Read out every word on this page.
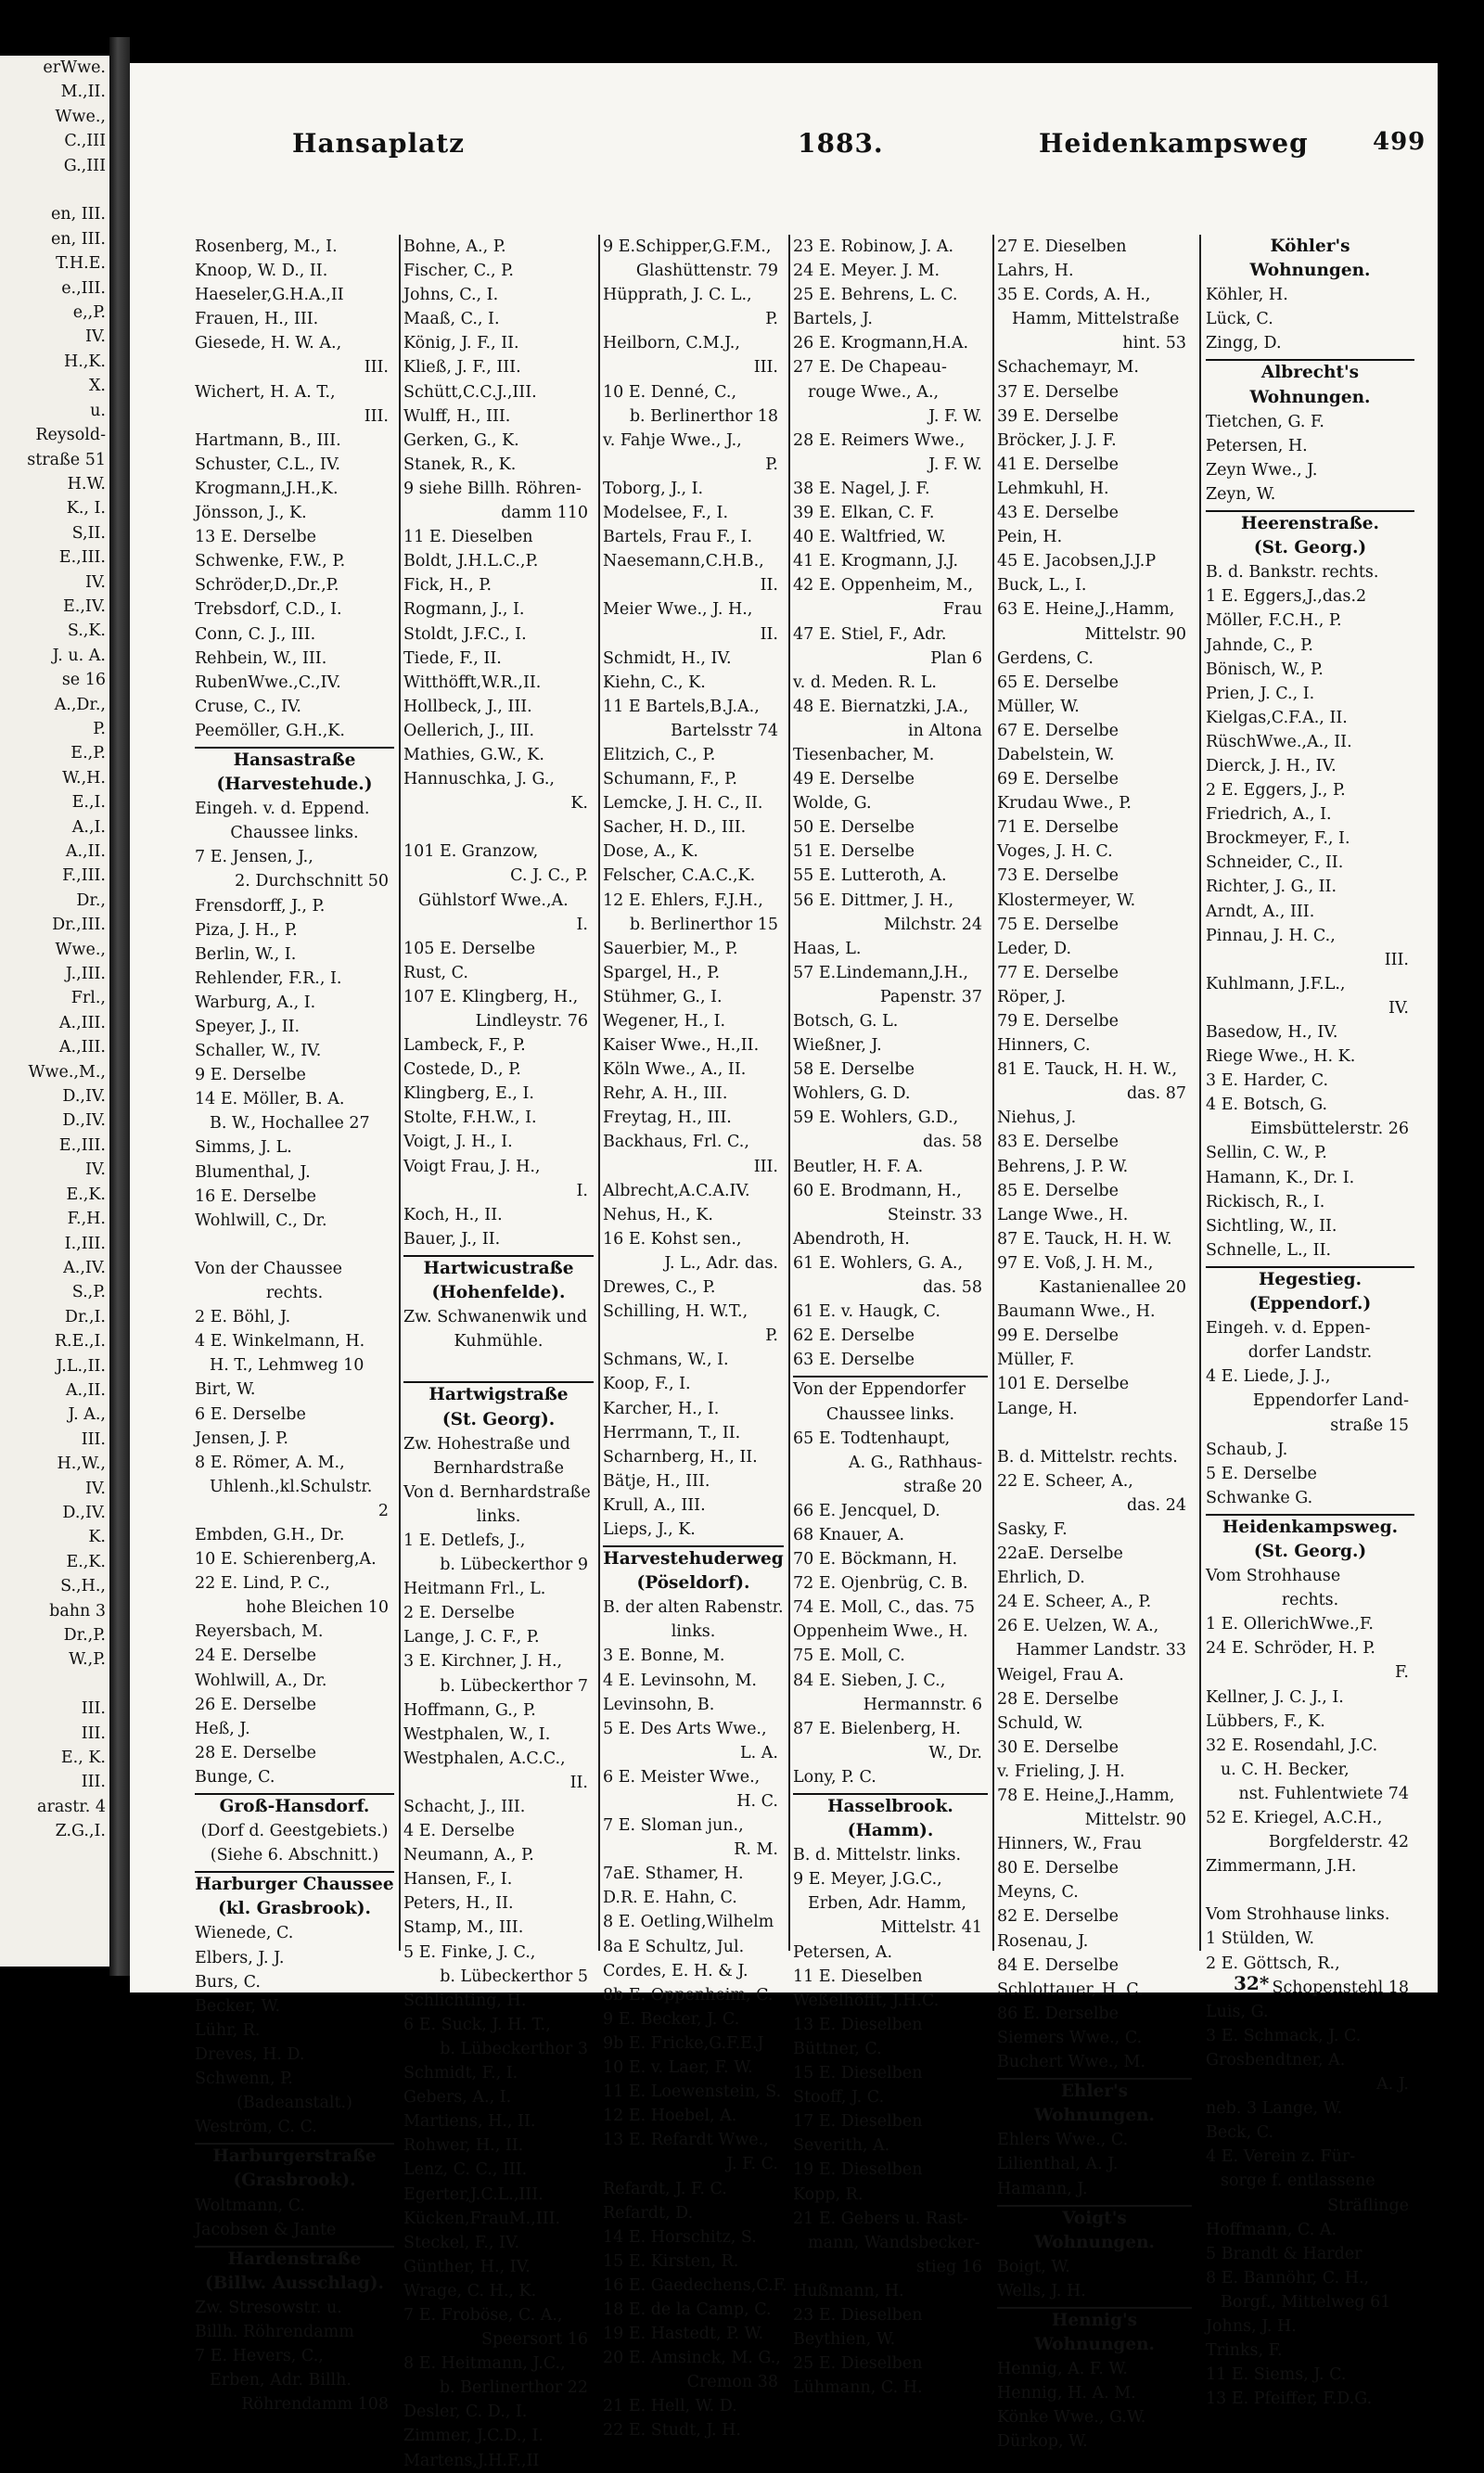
erWwe.
M.,II.
Wwe.,
C.,III
G.,III

en, III.
en, III.
T.H.E.
e.,III.
e,,P.
IV.
H.,K.
X.
u.
Reysold-
straße 51
H.W.
K., I.
S,II.
E.,III.
IV.
E.,IV.
S.,K.
J. u. A.
se 16
A.,Dr.,
P.
E.,P.
W.,H.
E.,I.
A.,I.
A.,II.
F.,III.
Dr.,
Dr.,III.
Wwe.,
J.,III.
Frl.,
A.,III.
A.,III.
Wwe.,M.,
D.,IV.
D.,IV.
E.,III.
IV.
E.,K.
F.,H.
I.,III.
A.,IV.
S.,P.
Dr.,I.
R.E.,I.
J.L.,II.
A.,II.
J. A.,
III.
H.,W.,
IV.
D.,IV.
K.
E.,K.
S.,H.,
bahn 3
Dr.,P.
W.,P.

III.
III.
E., K.
III.
arastr. 4
Z.G.,I.
Hansaplatz	1883.	Heidenkampsweg	499
Rosenberg, M., I.
Knoop, W. D., II.
Haeseler,G.H.A.,II
Frauen, H., III.
Giesede, H. W. A.,
III.
Wichert, H. A. T.,
III.
Hartmann, B., III.
Schuster, C.L., IV.
Krogmann,J.H.,K.
Jönsson, J., K.
13 E. Derselbe
Schwenke, F.W., P.
Schröder,D.,Dr.,P.
Trebsdorf, C.D., I.
Conn, C. J., III.
Rehbein, W., III.
RubenWwe.,C.,IV.
Cruse, C., IV.
Peemöller, G.H.,K.
Hansastraße
(Harvestehude.)
Eingeh. v. d. Eppend.
Chaussee links.
7 E. Jensen, J.,
2. Durchschnitt 50
Frensdorff, J., P.
Piza, J. H., P.
Berlin, W., I.
Rehlender, F.R., I.
Warburg, A., I.
Speyer, J., II.
Schaller, W., IV.
9 E. Derselbe
14 E. Möller, B. A.
B. W., Hochallee 27
Simms, J. L.
Blumenthal, J.
16 E. Derselbe
Wohlwill, C., Dr.

Von der Chaussee
rechts.
2 E. Böhl, J.
4 E. Winkelmann, H.
H. T., Lehmweg 10
Birt, W.
6 E. Derselbe
Jensen, J. P.
8 E. Römer, A. M.,
Uhlenh.,kl.Schulstr.
2
Embden, G.H., Dr.
10 E. Schierenberg,A.
22 E. Lind, P. C.,
hohe Bleichen 10
Reyersbach, M.
24 E. Derselbe
Wohlwill, A., Dr.
26 E. Derselbe
Heß, J.
28 E. Derselbe
Bunge, C.
Groß-Hansdorf.
(Dorf d. Geestgebiets.)
(Siehe 6. Abschnitt.)
Harburger Chaussee
(kl. Grasbrook).
Wienede, C.
Elbers, J. J.
Burs, C.
Becker, W.
Lühr, R.
Dreves, H. D.
Schwenn, P.
(Badeanstalt.)
Weström, C. C.
Harburgerstraße
(Grasbrook).
Woltmann, C.
Jacobsen & Jante
Hardenstraße
(Billw. Ausschlag).
Zw. Stresowstr. u.
Billh. Röhrendamm
7 E. Hevers, C.,
Erben, Adr. Billh.
Röhrendamm 108
Bohne, A., P.
Fischer, C., P.
Johns, C., I.
Maaß, C., I.
König, J. F., II.
Kließ, J. F., III.
Schütt,C.C.J.,III.
Wulff, H., III.
Gerken, G., K.
Stanek, R., K.
9 siehe Billh. Röhren-
damm 110
11 E. Dieselben
Boldt, J.H.L.C.,P.
Fick, H., P.
Rogmann, J., I.
Stoldt, J.F.C., I.
Tiede, F., II.
Witthöfft,W.R.,II.
Hollbeck, J., III.
Oellerich, J., III.
Mathies, G.W., K.
Hannuschka, J. G.,
K.

101 E. Granzow,
C. J. C., P.
Gühlstorf Wwe.,A.
I.
105 E. Derselbe
Rust, C.
107 E. Klingberg, H.,
Lindleystr. 76
Lambeck, F., P.
Costede, D., P.
Klingberg, E., I.
Stolte, F.H.W., I.
Voigt, J. H., I.
Voigt Frau, J. H.,
I.
Koch, H., II.
Bauer, J., II.
Hartwicustraße
(Hohenfelde).
Zw. Schwanenwik und
Kuhmühle.

Hartwigstraße
(St. Georg).
Zw. Hohestraße und
Bernhardstraße
Von d. Bernhardstraße
links.
1 E. Detlefs, J.,
b. Lübeckerthor 9
Heitmann Frl., L.
2 E. Derselbe
Lange, J. C. F., P.
3 E. Kirchner, J. H.,
b. Lübeckerthor 7
Hoffmann, G., P.
Westphalen, W., I.
Westphalen, A.C.C.,
II.
Schacht, J., III.
4 E. Derselbe
Neumann, A., P.
Hansen, F., I.
Peters, H., II.
Stamp, M., III.
5 E. Finke, J. C.,
b. Lübeckerthor 5
Schlichting, H.
6 E. Suck, J. H. T.,
b. Lübeckerthor 3
Schmidt, F., I.
Gebers, A., I.
Martiens, H., II.
Rohwer, H., II.
Lenz, C. C., III.
Egerter,J.C.L.,III.
Kücken,FrauM.,III.
Steckel, F., IV.
Günther, H., IV.
Wrage, C. H., K.
7 E. Froböse, C. A.,
Speersort 16
8 E. Heitmann, J.C.,
b. Berlinerthor 22
Desler, C. D., I.
Zimmer, J.C.D., I.
Martens,J.H.F.,II
9 E.Schipper,G.F.M.,
Glashüttenstr. 79
Hüpprath, J. C. L.,
P.
Heilborn, C.M.J.,
III.
10 E. Denné, C.,
b. Berlinerthor 18
v. Fahje Wwe., J.,
P.
Toborg, J., I.
Modelsee, F., I.
Bartels, Frau F., I.
Naesemann,C.H.B.,
II.
Meier Wwe., J. H.,
II.
Schmidt, H., IV.
Kiehn, C., K.
11 E Bartels,B.J.A.,
Bartelsstr 74
Elitzich, C., P.
Schumann, F., P.
Lemcke, J. H. C., II.
Sacher, H. D., III.
Dose, A., K.
Felscher, C.A.C.,K.
12 E. Ehlers, F.J.H.,
b. Berlinerthor 15
Sauerbier, M., P.
Spargel, H., P.
Stühmer, G., I.
Wegener, H., I.
Kaiser Wwe., H.,II.
Köln Wwe., A., II.
Rehr, A. H., III.
Freytag, H., III.
Backhaus, Frl. C.,
III.
Albrecht,A.C.A.IV.
Nehus, H., K.
16 E. Kohst sen.,
J. L., Adr. das.
Drewes, C., P.
Schilling, H. W.T.,
P.
Schmans, W., I.
Koop, F., I.
Karcher, H., I.
Herrmann, T., II.
Scharnberg, H., II.
Bätje, H., III.
Krull, A., III.
Lieps, J., K.
Harvestehuderweg
(Pöseldorf).
B. der alten Rabenstr.
links.
3 E. Bonne, M.
4 E. Levinsohn, M.
Levinsohn, B.
5 E. Des Arts Wwe.,
L. A.
6 E. Meister Wwe.,
H. C.
7 E. Sloman jun.,
R. M.
7aE. Sthamer, H.
D.R. E. Hahn, C.
8 E. Oetling,Wilhelm
8a E Schultz, Jul.
Cordes, E. H. & J.
8b E. Oppenheim, C.
9 E. Becker, J. C.
9b E. Fricke,G.F.E.J
10 E. v. Laer, F. W.
11 E. Loewenstein, S.
12 E. Hoebel, A.
13 E. Refardt Wwe.,
J. F. C.
Refardt, J. F. C.
Refardt, D.
14 E. Horschitz, S.
15 E. Kirsten, R.
16 E. Gaedechens,C.F.
18 E. de la Camp, C.
19 E. Hastedt, P. W.
20 E. Amsinck, M. G.,
Cremon 38
21 E. Hell, W. D.
22 E. Studt, J. H.
23 E. Robinow, J. A.
24 E. Meyer. J. M.
25 E. Behrens, L. C.
Bartels, J.
26 E. Krogmann,H.A.
27 E. De Chapeau-
rouge Wwe., A.,
J. F. W.
28 E. Reimers Wwe.,
J. F. W.
38 E. Nagel, J. F.
39 E. Elkan, C. F.
40 E. Waltfried, W.
41 E. Krogmann, J.J.
42 E. Oppenheim, M.,
Frau
47 E. Stiel, F., Adr.
Plan 6
v. d. Meden. R. L.
48 E. Biernatzki, J.A.,
in Altona
Tiesenbacher, M.
49 E. Derselbe
Wolde, G.
50 E. Derselbe
51 E. Derselbe
55 E. Lutteroth, A.
56 E. Dittmer, J. H.,
Milchstr. 24
Haas, L.
57 E.Lindemann,J.H.,
Papenstr. 37
Botsch, G. L.
Wießner, J.
58 E. Derselbe
Wohlers, G. D.
59 E. Wohlers, G.D.,
das. 58
Beutler, H. F. A.
60 E. Brodmann, H.,
Steinstr. 33
Abendroth, H.
61 E. Wohlers, G. A.,
das. 58
61 E. v. Haugk, C.
62 E. Derselbe
63 E. Derselbe
Von der Eppendorfer
Chaussee links.
65 E. Todtenhaupt,
A. G., Rathhaus-
straße 20
66 E. Jencquel, D.
68 Knauer, A.
70 E. Böckmann, H.
72 E. Ojenbrüg, C. B.
74 E. Moll, C., das. 75
Oppenheim Wwe., H.
75 E. Moll, C.
84 E. Sieben, J. C.,
Hermannstr. 6
87 E. Bielenberg, H.
W., Dr.
Lony, P. C.
Hasselbrook.
(Hamm).
B. d. Mittelstr. links.
9 E. Meyer, J.G.C.,
Erben, Adr. Hamm,
Mittelstr. 41
Petersen, A.
11 E. Dieselben
Weßelhöfft, J.H.C.
13 E. Dieselben
Büttner, C.
15 E. Dieselben
Stooff, J. C.
17 E. Dieselben
Severith, A.
19 E. Dieselben
Kopp, R.
21 E. Gebers u. Rast-
mann, Wandsbecker-
stieg 16
Hußmann, H.
23 E. Dieselben
Beythien, W.
25 E. Dieselben
Lühmann, C. H.
27 E. Dieselben
Lahrs, H.
35 E. Cords, A. H.,
Hamm, Mittelstraße
hint. 53
Schachemayr, M.
37 E. Derselbe
39 E. Derselbe
Bröcker, J. J. F.
41 E. Derselbe
Lehmkuhl, H.
43 E. Derselbe
Pein, H.
45 E. Jacobsen,J.J.P
Buck, L., I.
63 E. Heine,J.,Hamm,
Mittelstr. 90
Gerdens, C.
65 E. Derselbe
Müller, W.
67 E. Derselbe
Dabelstein, W.
69 E. Derselbe
Krudau Wwe., P.
71 E. Derselbe
Voges, J. H. C.
73 E. Derselbe
Klostermeyer, W.
75 E. Derselbe
Leder, D.
77 E. Derselbe
Röper, J.
79 E. Derselbe
Hinners, C.
81 E. Tauck, H. H. W.,
das. 87
Niehus, J.
83 E. Derselbe
Behrens, J. P. W.
85 E. Derselbe
Lange Wwe., H.
87 E. Tauck, H. H. W.
97 E. Voß, J. H. M.,
Kastanienallee 20
Baumann Wwe., H.
99 E. Derselbe
Müller, F.
101 E. Derselbe
Lange, H.

B. d. Mittelstr. rechts.
22 E. Scheer, A.,
das. 24
Sasky, F.
22aE. Derselbe
Ehrlich, D.
24 E. Scheer, A., P.
26 E. Uelzen, W. A.,
Hammer Landstr. 33
Weigel, Frau A.
28 E. Derselbe
Schuld, W.
30 E. Derselbe
v. Frieling, J. H.
78 E. Heine,J.,Hamm,
Mittelstr. 90
Hinners, W., Frau
80 E. Derselbe
Meyns, C.
82 E. Derselbe
Rosenau, J.
84 E. Derselbe
Schlottauer, H. C.
86 E. Derselbe
Siemers Wwe., C.
Buchert Wwe., M.
Ehler's
Wohnungen.
Ehlers Wwe., C.
Lilienthal, A. J.
Hamann, J.
Voigt's
Wohnungen.
Boigt, W.
Wells, J. H.
Hennig's
Wohnungen.
Hennig, A. F. W.
Hennig, H. A. M.
Könke Wwe., G.W.
Dürkop, W.
Köhler's
Wohnungen.
Köhler, H.
Lück, C.
Zingg, D.
Albrecht's
Wohnungen.
Tietchen, G. F.
Petersen, H.
Zeyn Wwe., J.
Zeyn, W.
Heerenstraße.
(St. Georg.)
B. d. Bankstr. rechts.
1 E. Eggers,J.,das.2
Möller, F.C.H., P.
Jahnde, C., P.
Bönisch, W., P.
Prien, J. C., I.
Kielgas,C.F.A., II.
RüschWwe.,A., II.
Dierck, J. H., IV.
2 E. Eggers, J., P.
Friedrich, A., I.
Brockmeyer, F., I.
Schneider, C., II.
Richter, J. G., II.
Arndt, A., III.
Pinnau, J. H. C.,
III.
Kuhlmann, J.F.L.,
IV.
Basedow, H., IV.
Riege Wwe., H. K.
3 E. Harder, C.
4 E. Botsch, G.
Eimsbüttelerstr. 26
Sellin, C. W., P.
Hamann, K., Dr. I.
Rickisch, R., I.
Sichtling, W., II.
Schnelle, L., II.
Hegestieg.
(Eppendorf.)
Eingeh. v. d. Eppen-
dorfer Landstr.
4 E. Liede, J. J.,
Eppendorfer Land-
straße 15
Schaub, J.
5 E. Derselbe
Schwanke G.
Heidenkampsweg.
(St. Georg.)
Vom Strohhause
rechts.
1 E. OllerichWwe.,F.
24 E. Schröder, H. P.
F.
Kellner, J. C. J., I.
Lübbers, F., K.
32 E. Rosendahl, J.C.
u. C. H. Becker,
nst. Fuhlentwiete 74
52 E. Kriegel, A.C.H.,
Borgfelderstr. 42
Zimmermann, J.H.

Vom Strohhause links.
1 Stülden, W.
2 E. Göttsch, R.,
Schopenstehl 18
Luis, G.
3 E. Schmack, J. C.
Grosbendtner, A.
A. J.
neb. 3 Lange, W.
Beck, C.
4 E. Verein z. Für-
sorge f. entlassene
Sträflinge
Hoffmann, C. A.
5 Brandt & Harder
8 E. Bannöhr, C. H.,
Borgf., Mittelweg 61
Johns, J. H.
Trinks, F.
11 E. Siems, J. C.
13 E. Pfeiffer, F.D.G.
32*
